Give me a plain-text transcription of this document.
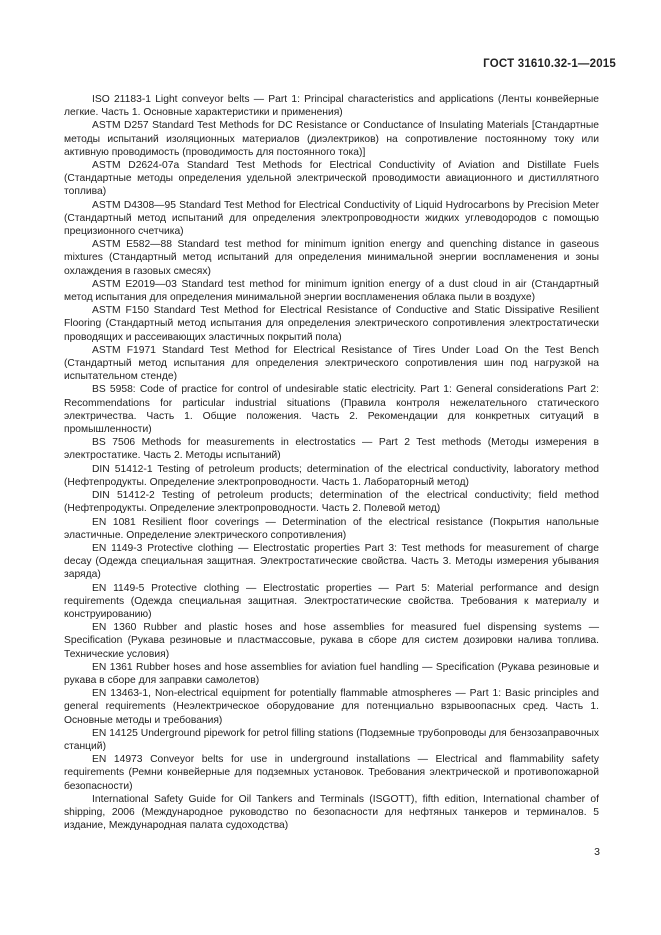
ГОСТ 31610.32-1—2015

ISO 21183-1 Light conveyor belts — Part 1: Principal characteristics and applications (Ленты конвейерные легкие. Часть 1. Основные характеристики и применения)

ASTM D257 Standard Test Methods for DC Resistance or Conductance of Insulating Materials [Стандартные методы испытаний изоляционных материалов (диэлектриков) на сопротивление постоянному току или активную проводимость (проводимость для постоянного тока)]

ASTM D2624-07a Standard Test Methods for Electrical Conductivity of Aviation and Distillate Fuels (Стандартные методы определения удельной электрической проводимости авиационного и дистиллятного топлива)

ASTM D4308—95 Standard Test Method for Electrical Conductivity of Liquid Hydrocarbons by Precision Meter (Стандартный метод испытаний для определения электропроводности жидких углеводородов с помощью прецизионного счетчика)

ASTM E582—88 Standard test method for minimum ignition energy and quenching distance in gaseous mixtures (Стандартный метод испытаний для определения минимальной энергии воспламенения и зоны охлаждения в газовых смесях)

ASTM E2019—03 Standard test method for minimum ignition energy of a dust cloud in air (Стандартный метод испытания для определения минимальной энергии воспламенения облака пыли в воздухе)

ASTM F150 Standard Test Method for Electrical Resistance of Conductive and Static Dissipative Resilient Flooring (Стандартный метод испытания для определения электрического сопротивления электростатически проводящих и рассеивающих эластичных покрытий пола)

ASTM F1971 Standard Test Method for Electrical Resistance of Tires Under Load On the Test Bench (Стандартный метод испытания для определения электрического сопротивления шин под нагрузкой на испытательном стенде)

BS 5958: Code of practice for control of undesirable static electricity. Part 1: General considerations Part 2: Recommendations for particular industrial situations (Правила контроля нежелательного статического электричества. Часть 1. Общие положения. Часть 2. Рекомендации для конкретных ситуаций в промышленности)

BS 7506 Methods for measurements in electrostatics — Part 2 Test methods (Методы измерения в электростатике. Часть 2. Методы испытаний)

DIN 51412-1 Testing of petroleum products; determination of the electrical conductivity, laboratory method (Нефтепродукты. Определение электропроводности. Часть 1. Лабораторный метод)

DIN 51412-2 Testing of petroleum products; determination of the electrical conductivity; field method (Нефтепродукты. Определение электропроводности. Часть 2. Полевой метод)

EN 1081 Resilient floor coverings — Determination of the electrical resistance (Покрытия напольные эластичные. Определение электрического сопротивления)

EN 1149-3 Protective clothing — Electrostatic properties Part 3: Test methods for measurement of charge decay (Одежда специальная защитная. Электростатические свойства. Часть 3. Методы измерения убывания заряда)

EN 1149-5 Protective clothing — Electrostatic properties — Part 5: Material performance and design requirements (Одежда специальная защитная. Электростатические свойства. Требования к материалу и конструированию)

EN 1360 Rubber and plastic hoses and hose assemblies for measured fuel dispensing systems — Specification (Рукава резиновые и пластмассовые, рукава в сборе для систем дозировки налива топлива. Технические условия)

EN 1361 Rubber hoses and hose assemblies for aviation fuel handling — Specification (Рукава резиновые и рукава в сборе для заправки самолетов)

EN 13463-1, Non-electrical equipment for potentially flammable atmospheres — Part 1: Basic principles and general requirements (Неэлектрическое оборудование для потенциально взрывоопасных сред. Часть 1. Основные методы и требования)

EN 14125 Underground pipework for petrol filling stations (Подземные трубопроводы для бензозаправочных станций)

EN 14973 Conveyor belts for use in underground installations — Electrical and flammability safety requirements (Ремни конвейерные для подземных установок. Требования электрической и противопожарной безопасности)

International Safety Guide for Oil Tankers and Terminals (ISGOTT), fifth edition, International chamber of shipping, 2006 (Международное руководство по безопасности для нефтяных танкеров и терминалов. 5 издание, Международная палата судоходства)

3
